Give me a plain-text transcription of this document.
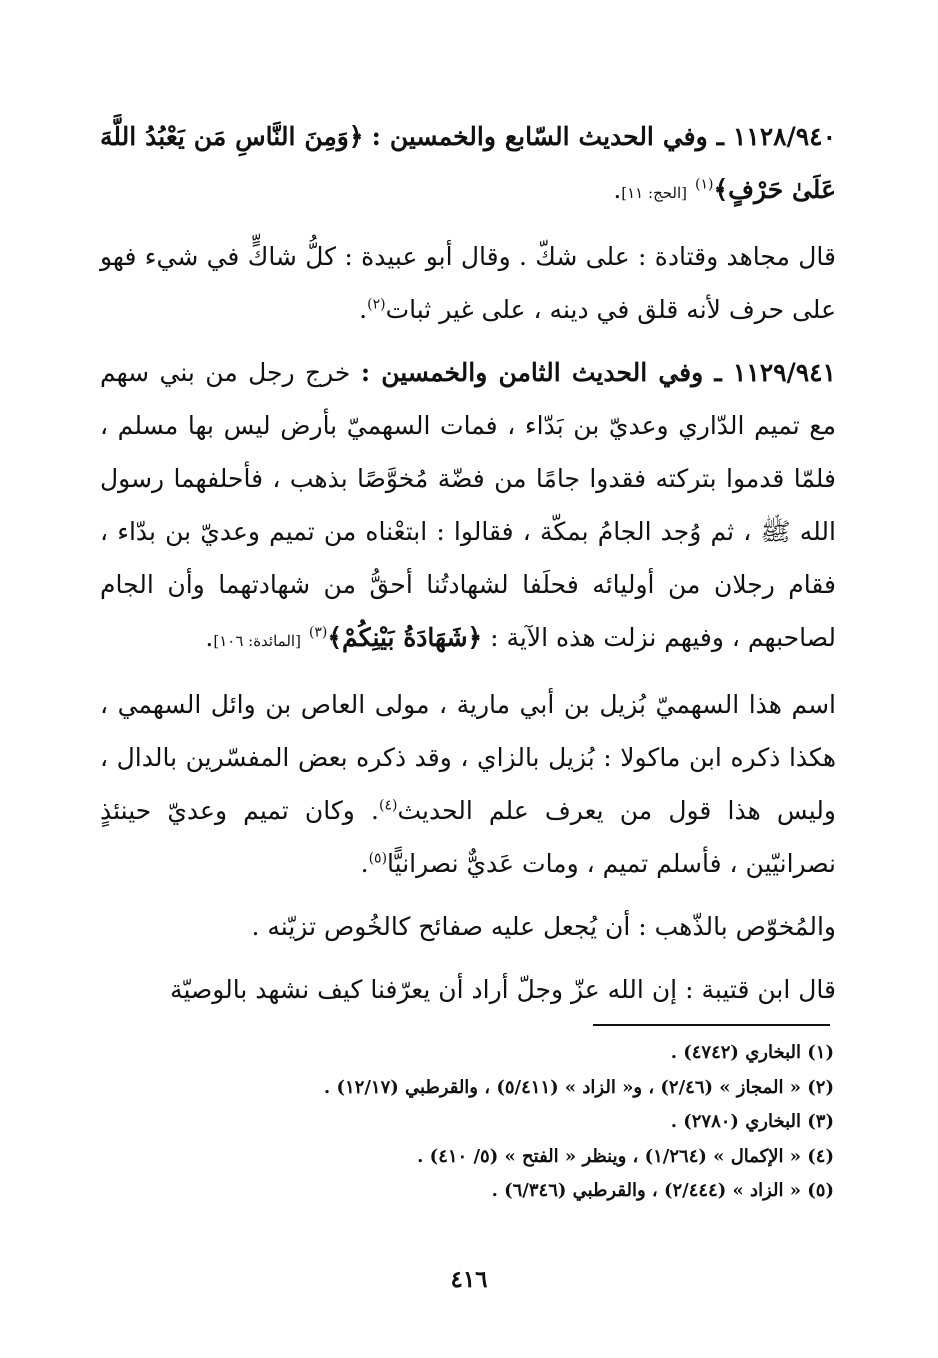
١١٢٨/٩٤٠ ـ وفي الحديث السّابع والخمسين : ﴿وَمِنَ النَّاسِ مَن يَعْبُدُ اللَّهَ عَلَىٰ حَرْفٍ﴾$^{(١)}$ [الحج: ١١].

قال مجاهد وقتادة : على شكّ . وقال أبو عبيدة : كلُّ شاكٍّ في شيء فهو على حرف لأنه قلق في دينه ، على غير ثبات$^{(٢)}$.

١١٢٩/٩٤١ ـ وفي الحديث الثامن والخمسين : خرج رجل من بني سهم مع تميم الدّاري وعديّ بن بَدّاء ، فمات السهميّ بأرض ليس بها مسلم ، فلمّا قدموا بتركته فقدوا جامًا من فضّة مُخوَّصًا بذهب ، فأحلفهما رسول الله ﷺ ، ثم وُجد الجامُ بمكّة ، فقالوا : ابتعْناه من تميم وعديّ بن بدّاء ، فقام رجلان من أوليائه فحلَفا لشهادتُنا أحقُّ من شهادتهما وأن الجام لصاحبهم ، وفيهم نزلت هذه الآية : ﴿شَهَادَةُ بَيْنِكُمْ﴾$^{(٣)}$ [المائدة: ١٠٦].

اسم هذا السهميّ بُزيل بن أبي مارية ، مولى العاص بن وائل السهمي ، هكذا ذكره ابن ماكولا : بُزيل بالزاي ، وقد ذكره بعض المفسّرين بالدال ، وليس هذا قول من يعرف علم الحديث$^{(٤)}$. وكان تميم وعديّ حينئذٍ نصرانيّين ، فأسلم تميم ، ومات عَديٌّ نصرانيًّا$^{(٥)}$.

والمُخوّص بالذّهب : أن يُجعل عليه صفائح كالخُوص تزيّنه .

قال ابن قتيبة : إن الله عزّ وجلّ أراد أن يعرّفنا كيف نشهد بالوصيّة

(١) البخاري (٤٧٤٢) .
(٢) « المجاز » (٢/٤٦) ، و« الزاد » (٥/٤١١) ، والقرطبي (١٢/١٧) .
(٣) البخاري (٢٧٨٠) .
(٤) « الإكمال » (١/٢٦٤) ، وينظر « الفتح » (٥/ ٤١٠) .
(٥) « الزاد » (٢/٤٤٤) ، والقرطبي (٦/٣٤٦) .
٤١٦
